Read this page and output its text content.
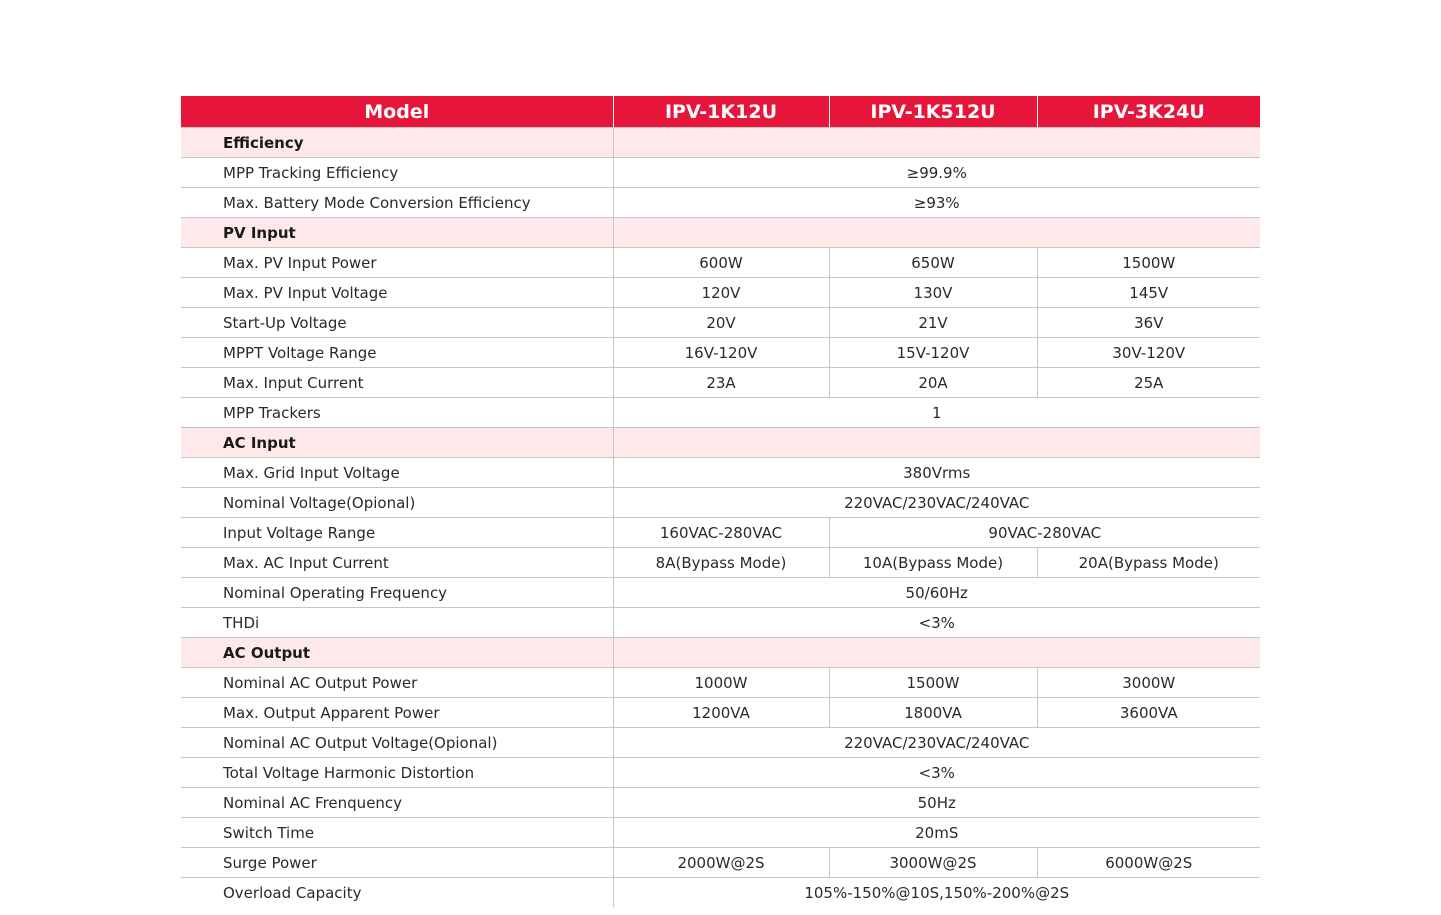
Model	IPV-1K12U	IPV-1K512U	IPV-3K24U
Efficiency			
MPP Tracking Efficiency	≥99.9%		
Max. Battery Mode Conversion Efficiency	≥93%		
PV Input			
Max. PV Input Power	600W	650W	1500W
Max. PV Input Voltage	120V	130V	145V
Start-Up Voltage	20V	21V	36V
MPPT Voltage Range	16V-120V	15V-120V	30V-120V
Max. Input Current	23A	20A	25A
MPP Trackers	1		
AC Input			
Max. Grid Input Voltage	380Vrms		
Nominal Voltage(Opional)	220VAC/230VAC/240VAC		
Input Voltage Range	160VAC-280VAC	90VAC-280VAC	
Max. AC Input Current	8A(Bypass Mode)	10A(Bypass Mode)	20A(Bypass Mode)
Nominal Operating Frequency	50/60Hz		
THDi	<3%		
AC Output			
Nominal AC Output Power	1000W	1500W	3000W
Max. Output Apparent Power	1200VA	1800VA	3600VA
Nominal AC Output Voltage(Opional)	220VAC/230VAC/240VAC		
Total Voltage Harmonic Distortion	<3%		
Nominal AC Frenquency	50Hz		
Switch Time	20mS		
Surge Power	2000W@2S	3000W@2S	6000W@2S
Overload Capacity	105%-150%@10S,150%-200%@2S		
